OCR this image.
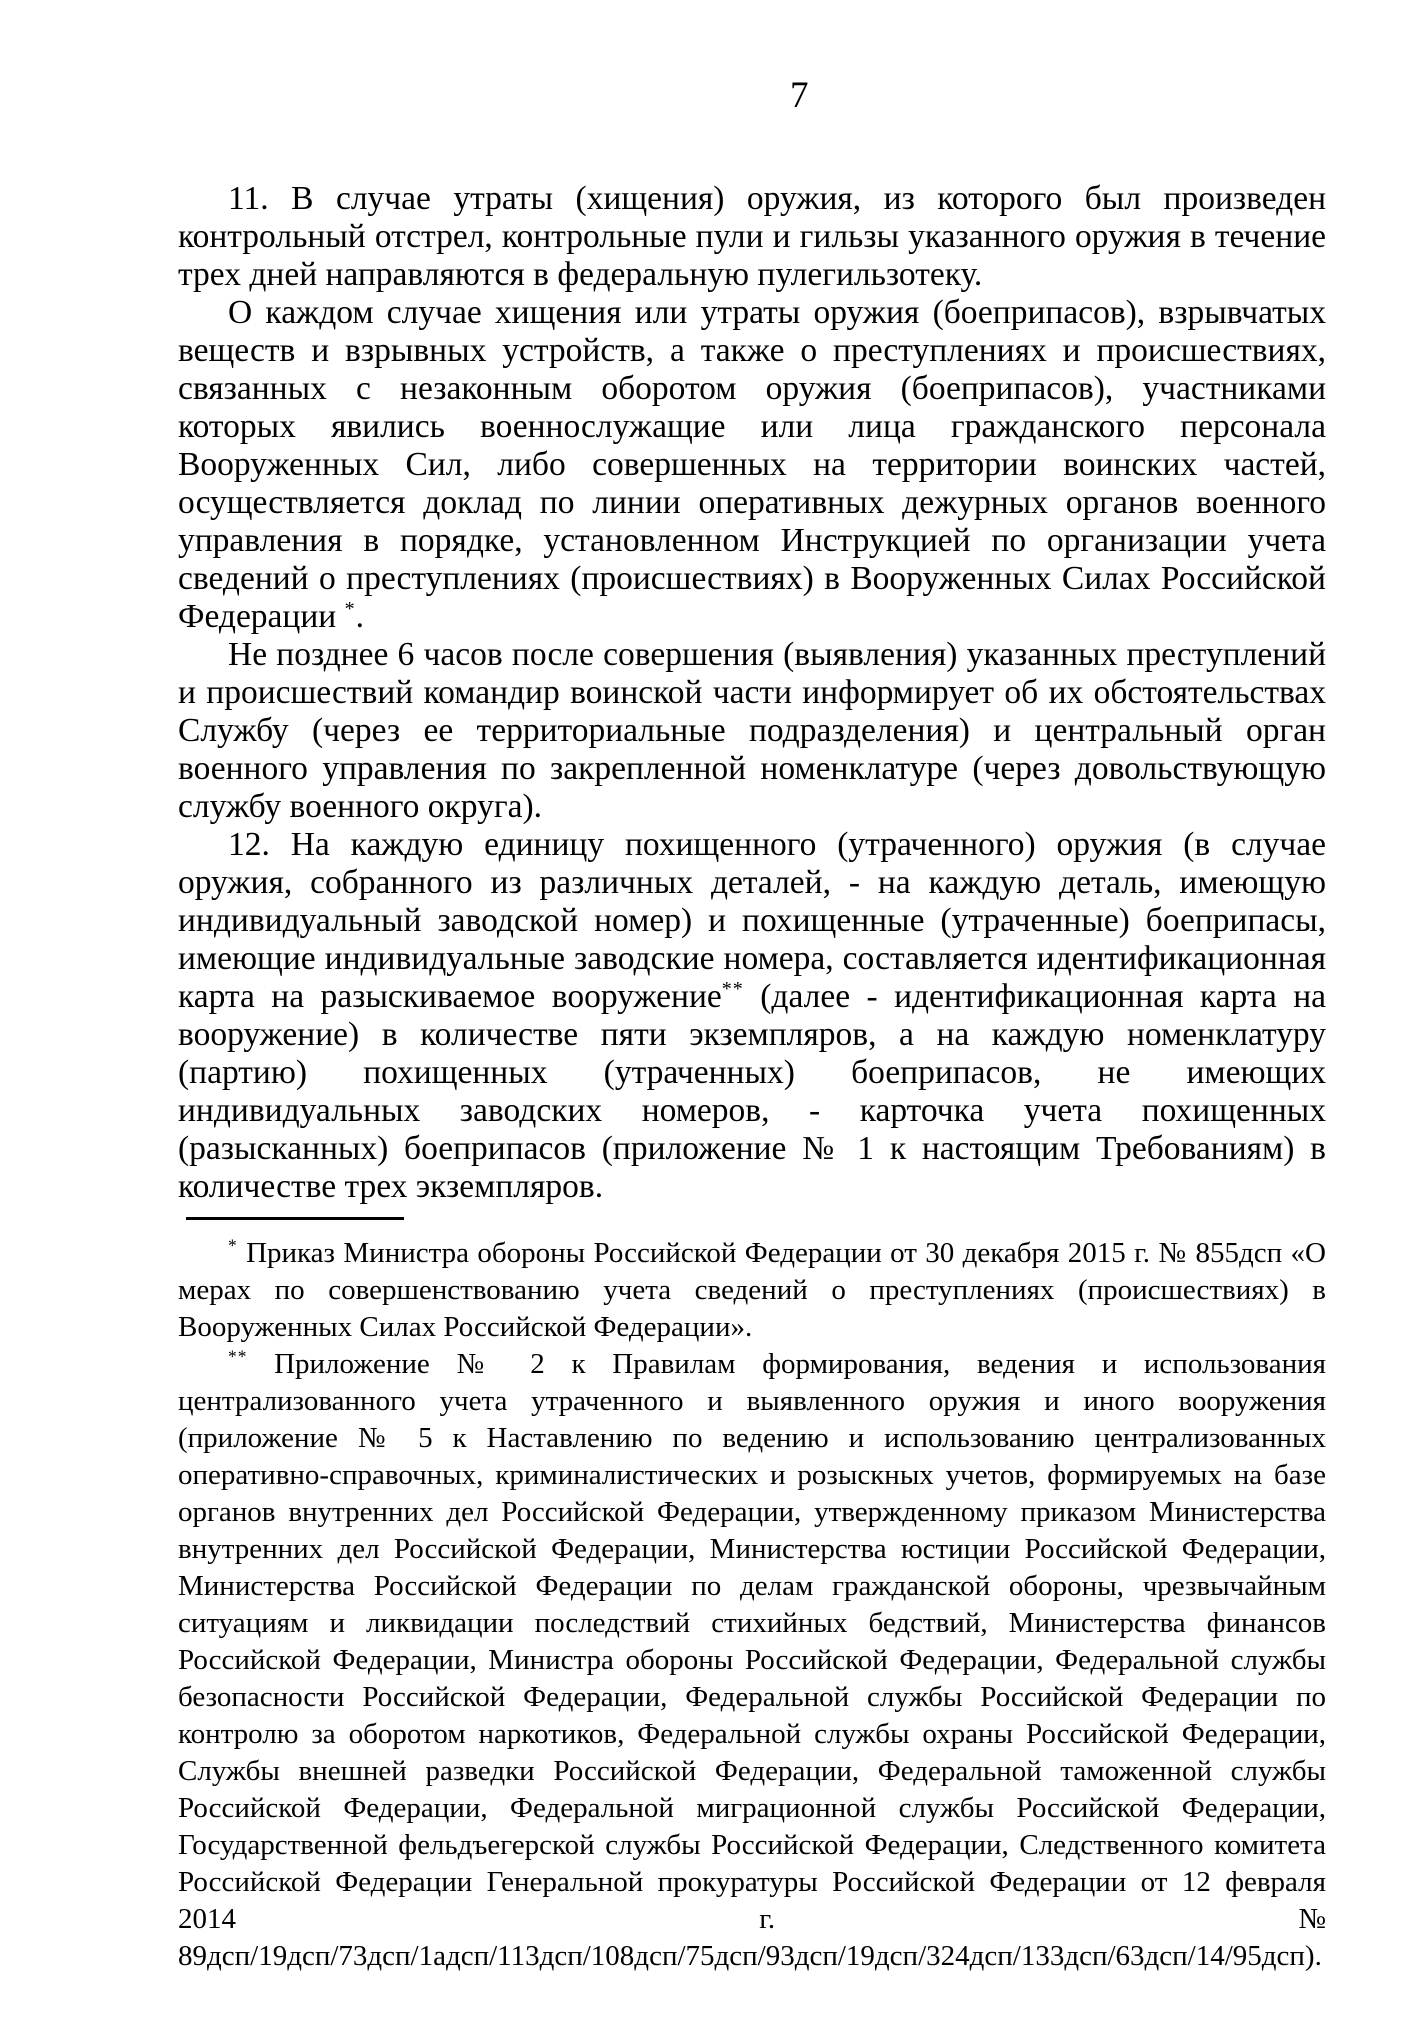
7

11. В случае утраты (хищения) оружия, из которого был произведен контрольный отстрел, контрольные пули и гильзы указанного оружия в течение трех дней направляются в федеральную пулегильзотеку.

О каждом случае хищения или утраты оружия (боеприпасов), взрывчатых веществ и взрывных устройств, а также о преступлениях и происшествиях, связанных с незаконным оборотом оружия (боеприпасов), участниками которых явились военнослужащие или лица гражданского персонала Вооруженных Сил, либо совершенных на территории воинских частей, осуществляется доклад по линии оперативных дежурных органов военного управления в порядке, установленном Инструкцией по организации учета сведений о преступлениях (происшествиях) в Вооруженных Силах Российской Федерации *.

Не позднее 6 часов после совершения (выявления) указанных преступлений и происшествий командир воинской части информирует об их обстоятельствах Службу (через ее территориальные подразделения) и центральный орган военного управления по закрепленной номенклатуре (через довольствующую службу военного округа).

12. На каждую единицу похищенного (утраченного) оружия (в случае оружия, собранного из различных деталей, - на каждую деталь, имеющую индивидуальный заводской номер) и похищенные (утраченные) боеприпасы, имеющие индивидуальные заводские номера, составляется идентификационная карта на разыскиваемое вооружение** (далее - идентификационная карта на вооружение) в количестве пяти экземпляров, а на каждую номенклатуру (партию) похищенных (утраченных) боеприпасов, не имеющих индивидуальных заводских номеров, - карточка учета похищенных (разысканных) боеприпасов (приложение № 1 к настоящим Требованиям) в количестве трех экземпляров.

* Приказ Министра обороны Российской Федерации от 30 декабря 2015 г. № 855дсп «О мерах по совершенствованию учета сведений о преступлениях (происшествиях) в Вооруженных Силах Российской Федерации».

** Приложение № 2 к Правилам формирования, ведения и использования централизованного учета утраченного и выявленного оружия и иного вооружения (приложение № 5 к Наставлению по ведению и использованию централизованных оперативно-справочных, криминалистических и розыскных учетов, формируемых на базе органов внутренних дел Российской Федерации, утвержденному приказом Министерства внутренних дел Российской Федерации, Министерства юстиции Российской Федерации, Министерства Российской Федерации по делам гражданской обороны, чрезвычайным ситуациям и ликвидации последствий стихийных бедствий, Министерства финансов Российской Федерации, Министра обороны Российской Федерации, Федеральной службы безопасности Российской Федерации, Федеральной службы Российской Федерации по контролю за оборотом наркотиков, Федеральной службы охраны Российской Федерации, Службы внешней разведки Российской Федерации, Федеральной таможенной службы Российской Федерации, Федеральной миграционной службы Российской Федерации, Государственной фельдъегерской службы Российской Федерации, Следственного комитета Российской Федерации Генеральной прокуратуры Российской Федерации от 12 февраля 2014 г. № 89дсп/19дсп/73дсп/1адсп/113дсп/108дсп/75дсп/93дсп/19дсп/324дсп/133дсп/63дсп/14/95дсп).
